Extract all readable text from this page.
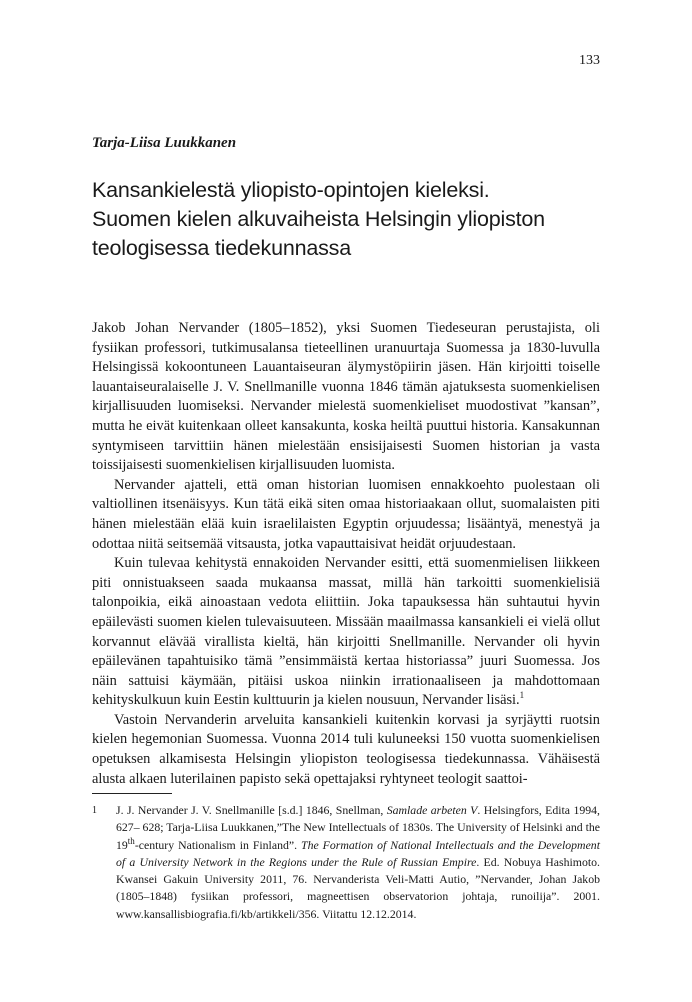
133
Tarja-Liisa Luukkanen
Kansankielestä yliopisto-opintojen kieleksi.
Suomen kielen alkuvaiheista Helsingin yliopiston
teologisessa tiedekunnassa

Jakob Johan Nervander (1805–1852), yksi Suomen Tiedeseuran perustajista, oli fysiikan professori, tutkimusalansa tieteellinen uranuurtaja Suomessa ja 1830-luvulla Helsingissä kokoontuneen Lauantaiseuran älymystöpiirin jäsen. Hän kirjoitti toiselle lauantaiseuralaiselle J. V. Snellmanille vuonna 1846 tämän ajatuksesta suomenkielisen kirjallisuuden luomiseksi. Nervander mielestä suomenkieliset muodostivat ”kansan”, mutta he eivät kuitenkaan olleet kansakunta, koska heiltä puuttui historia. Kansakunnan syntymiseen tarvittiin hänen mielestään ensisijaisesti Suomen historian ja vasta toissijaisesti suomenkielisen kirjallisuuden luomista.

Nervander ajatteli, että oman historian luomisen ennakkoehto puolestaan oli valtiollinen itsenäisyys. Kun tätä eikä siten omaa historiaakaan ollut, suomalaisten piti hänen mielestään elää kuin israelilaisten Egyptin orjuudessa; lisääntyä, menestyä ja odottaa niitä seitsemää vitsausta, jotka vapauttaisivat heidät orjuudestaan.

Kuin tulevaa kehitystä ennakoiden Nervander esitti, että suomenmielisen liikkeen piti onnistuakseen saada mukaansa massat, millä hän tarkoitti suomenkielisiä talonpoikia, eikä ainoastaan vedota eliittiin. Joka tapauksessa hän suhtautui hyvin epäilevästi suomen kielen tulevaisuuteen. Missään maailmassa kansankieli ei vielä ollut korvannut elävää virallista kieltä, hän kirjoitti Snellmanille. Nervander oli hyvin epäilevänen tapahtuisiko tämä ”ensimmäistä kertaa historiassa” juuri Suomessa. Jos näin sattuisi käymään, pitäisi uskoa niinkin irrationaaliseen ja mahdottomaan kehityskulkuun kuin Eestin kulttuurin ja kielen nousuun, Nervander lisäsi.$^1$

Vastoin Nervanderin arveluita kansankieli kuitenkin korvasi ja syrjäytti ruotsin kielen hegemonian Suomessa. Vuonna 2014 tuli kuluneeksi 150 vuotta suomenkielisen opetuksen alkamisesta Helsingin yliopiston teologisessa tiedekunnassa. Vähäisestä alusta alkaen luterilainen papisto sekä opettajaksi ryhtyneet teologit saattoi-

1 J. J. Nervander J. V. Snellmanille [s.d.] 1846, Snellman, Samlade arbeten V. Helsingfors, Edita 1994, 627– 628; Tarja-Liisa Luukkanen,”The New Intellectuals of 1830s. The University of Helsinki and the 19th-century Nationalism in Finland”. The Formation of National Intellectuals and the Development of a University Network in the Regions under the Rule of Russian Empire. Ed. Nobuya Hashimoto. Kwansei Gakuin University 2011, 76. Nervanderista Veli-Matti Autio, ”Nervander, Johan Jakob (1805–1848) fysiikan professori, magneettisen observatorion johtaja, runoilija”. 2001. www.kansallisbiografia.fi/kb/artikkeli/356. Viitattu 12.12.2014.
